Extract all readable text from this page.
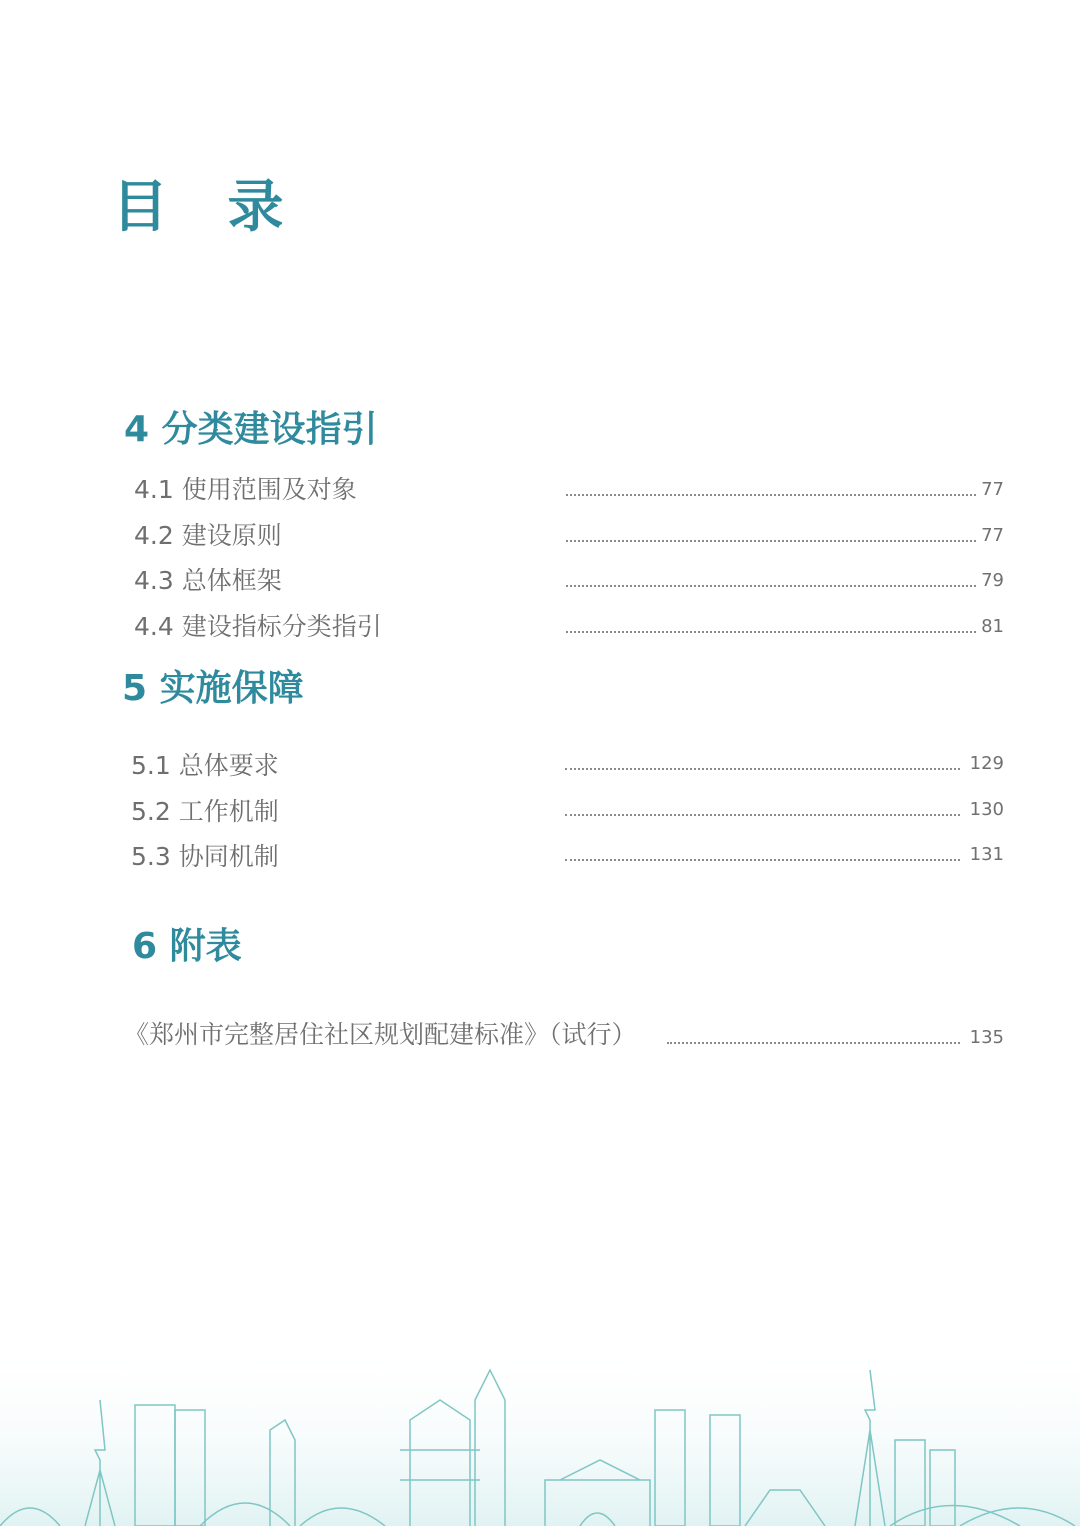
目 录
4 分类建设指引
4.1 使用范围及对象	77
4.2 建设原则	77
4.3 总体框架	79
4.4 建设指标分类指引	81
5 实施保障
5.1 总体要求	129
5.2 工作机制	130
5.3 协同机制	131
6 附表
《郑州市完整居住社区规划配建标准》（试行）	135
